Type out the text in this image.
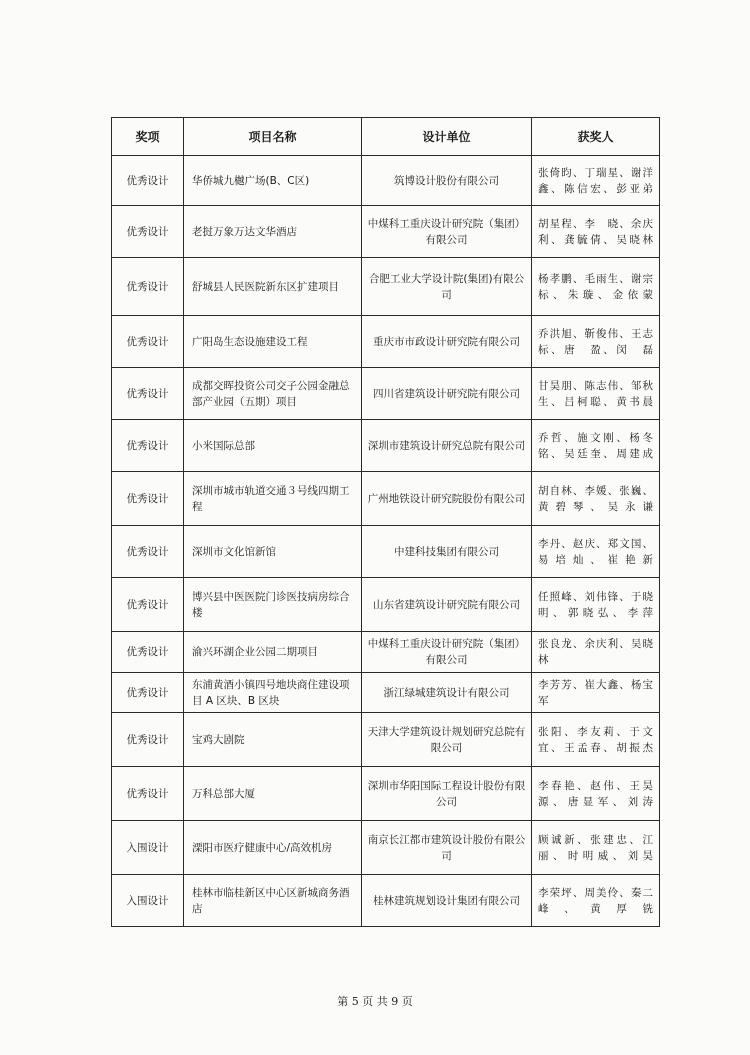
奖项	项目名称	设计单位	获奖人
优秀设计	华侨城九樾广场(B、C区)	筑博设计股份有限公司	张倚昀、丁瑞星、谢洋鑫、陈信宏、彭亚弟
优秀设计	老挝万象万达文华酒店	中煤科工重庆设计研究院（集团）有限公司	胡星程、李　晓、余庆利、龚毓倩、吴晓林
优秀设计	舒城县人民医院新东区扩建项目	合肥工业大学设计院(集团)有限公司	杨孝鹏、毛雨生、谢宗标、朱璇、金依蒙
优秀设计	广阳岛生态设施建设工程	重庆市市政设计研究院有限公司	乔洪旭、靳俊伟、王志标、唐　盈、闵　磊
优秀设计	成都交晖投资公司交子公园金融总部产业园（五期）项目	四川省建筑设计研究院有限公司	甘昊朋、陈志伟、邹秋生、吕柯聪、黄书晨
优秀设计	小米国际总部	深圳市建筑设计研究总院有限公司	乔哲、施文刚、杨冬铭、吴廷奎、周建成
优秀设计	深圳市城市轨道交通３号线四期工程	广州地铁设计研究院股份有限公司	胡自林、李媛、张巍、黄碧琴、吴永谦
优秀设计	深圳市文化馆新馆	中建科技集团有限公司	李丹、赵庆、郑文国、易培灿、崔艳新
优秀设计	博兴县中医医院门诊医技病房综合楼	山东省建筑设计研究院有限公司	任照峰、刘伟锋、于晓明、郭晓弘、李萍
优秀设计	渝兴环湖企业公园二期项目	中煤科工重庆设计研究院（集团）有限公司	张良龙、余庆利、吴晓林
优秀设计	东浦黄酒小镇四号地块商住建设项目 A 区块、B 区块	浙江绿城建筑设计有限公司	李芳芳、崔大鑫、杨宝军
优秀设计	宝鸡大剧院	天津大学建筑设计规划研究总院有限公司	张阳、李友莉、于文宜、王孟春、胡振杰
优秀设计	万科总部大厦	深圳市华阳国际工程设计股份有限公司	李春艳、赵伟、王昊源、唐显军、刘涛
入围设计	溧阳市医疗健康中心/高效机房	南京长江都市建筑设计股份有限公司	顾诚新、张建忠、江丽、时明威、刘昊
入围设计	桂林市临桂新区中心区新城商务酒店	桂林建筑规划设计集团有限公司	李荣坪、周美伶、秦二峰、黄厚铣
第 5 页 共 9 页
